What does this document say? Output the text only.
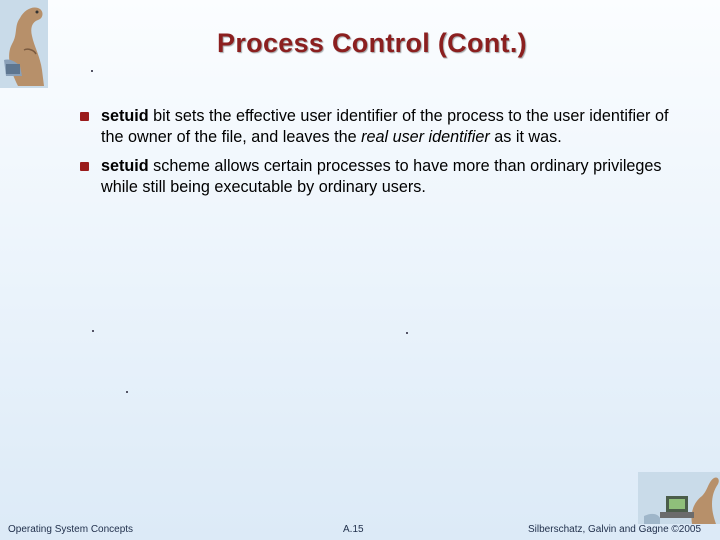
Process Control (Cont.)
setuid bit sets the effective user identifier of the process to the user identifier of the owner of the file, and leaves the real user identifier as it was.
setuid scheme allows certain processes to have more than ordinary privileges while still being executable by ordinary users.
Operating System Concepts	A.15	Silberschatz, Galvin and Gagne ©2005
